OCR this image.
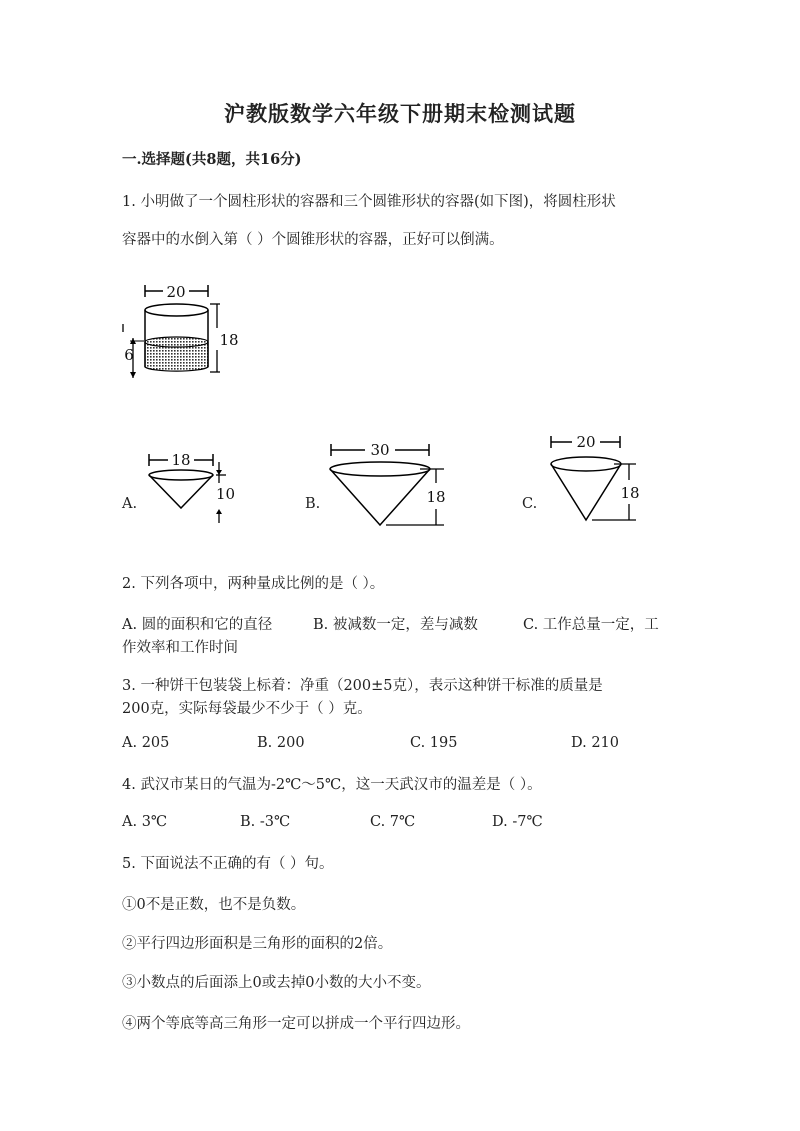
沪教版数学六年级下册期末检测试题
一.选择题(共8题，共16分)
1. 小明做了一个圆柱形状的容器和三个圆锥形状的容器(如下图)，将圆柱形状
容器中的水倒入第（ ）个圆锥形状的容器，正好可以倒满。
20
18
6
A.
18
10
B.
30
18	C.
20
18
2. 下列各项中，两种量成比例的是（ ）。
A. 圆的面积和它的直径	B. 被减数一定，差与减数	C. 工作总量一定，工
作效率和工作时间
3. 一种饼干包装袋上标着：净重（200±5克），表示这种饼干标准的质量是
200克，实际每袋最少不少于（ ）克。
A. 205	B. 200	C. 195	D. 210
4. 武汉市某日的气温为-2℃～5℃，这一天武汉市的温差是（ ）。
A. 3℃	B. -3℃	C. 7℃	D. -7℃
5. 下面说法不正确的有（ ）句。
①0不是正数，也不是负数。
②平行四边形面积是三角形的面积的2倍。
③小数点的后面添上0或去掉0小数的大小不变。
④两个等底等高三角形一定可以拼成一个平行四边形。
